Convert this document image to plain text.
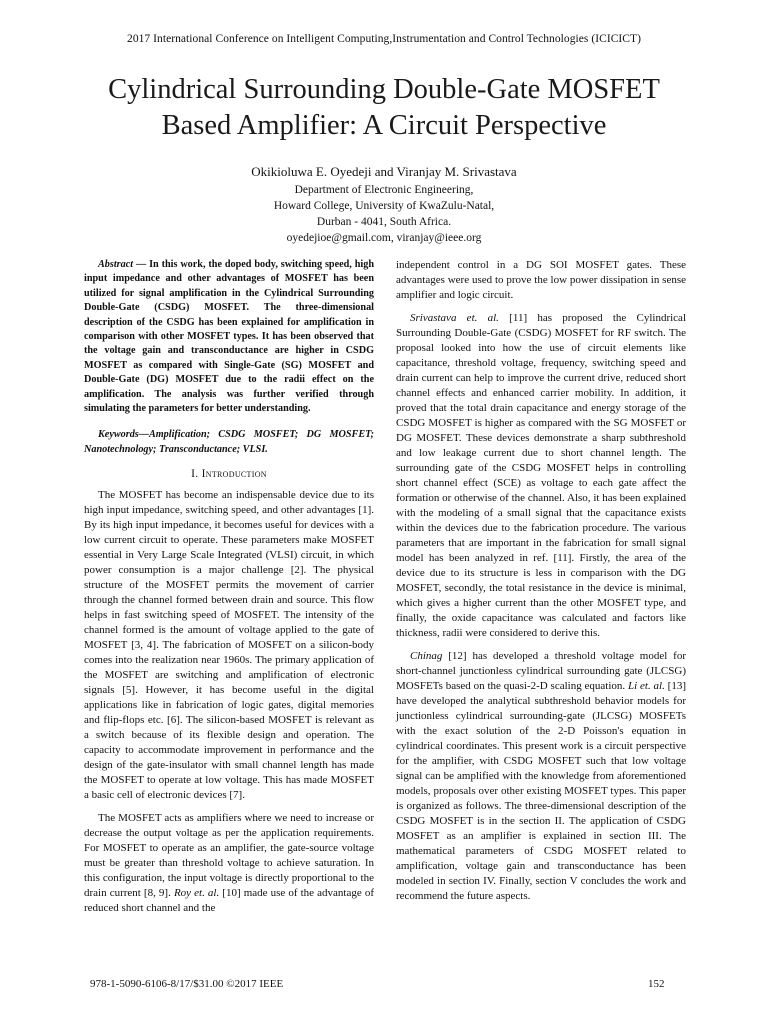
2017 International Conference on Intelligent Computing,Instrumentation and Control Technologies (ICICICT)
Cylindrical Surrounding Double-Gate MOSFET
Based Amplifier: A Circuit Perspective
Okikioluwa E. Oyedeji and Viranjay M. Srivastava
Department of Electronic Engineering,
Howard College, University of KwaZulu-Natal,
Durban - 4041, South Africa.
oyedejioe@gmail.com, viranjay@ieee.org

Abstract — In this work, the doped body, switching speed, high input impedance and other advantages of MOSFET has been utilized for signal amplification in the Cylindrical Surrounding Double-Gate (CSDG) MOSFET. The three-dimensional description of the CSDG has been explained for amplification in comparison with other MOSFET types. It has been observed that the voltage gain and transconductance are higher in CSDG MOSFET as compared with Single-Gate (SG) MOSFET and Double-Gate (DG) MOSFET due to the radii effect on the amplification. The analysis was further verified through simulating the parameters for better understanding.

Keywords—Amplification; CSDG MOSFET; DG MOSFET; Nanotechnology; Transconductance; VLSI.

I. Introduction

The MOSFET has become an indispensable device due to its high input impedance, switching speed, and other advantages [1]. By its high input impedance, it becomes useful for devices with a low current circuit to operate. These parameters make MOSFET essential in Very Large Scale Integrated (VLSI) circuit, in which power consumption is a major challenge [2]. The physical structure of the MOSFET permits the movement of carrier through the channel formed between drain and source. This flow helps in fast switching speed of MOSFET. The intensity of the channel formed is the amount of voltage applied to the gate of MOSFET [3, 4]. The fabrication of MOSFET on a silicon-body comes into the realization near 1960s. The primary application of the MOSFET are switching and amplification of electronic signals [5]. However, it has become useful in the digital applications like in fabrication of logic gates, digital memories and flip-flops etc. [6]. The silicon-based MOSFET is relevant as a switch because of its flexible design and operation. The capacity to accommodate improvement in performance and the design of the gate-insulator with small channel length has made the MOSFET to operate at low voltage. This has made MOSFET a basic cell of electronic devices [7].

The MOSFET acts as amplifiers where we need to increase or decrease the output voltage as per the application requirements. For MOSFET to operate as an amplifier, the gate-source voltage must be greater than threshold voltage to achieve saturation. In this configuration, the input voltage is directly proportional to the drain current [8, 9]. Roy et. al. [10] made use of the advantage of reduced short channel and the

independent control in a DG SOI MOSFET gates. These advantages were used to prove the low power dissipation in sense amplifier and logic circuit.

Srivastava et. al. [11] has proposed the Cylindrical Surrounding Double-Gate (CSDG) MOSFET for RF switch. The proposal looked into how the use of circuit elements like capacitance, threshold voltage, frequency, switching speed and drain current can help to improve the current drive, reduced short channel effects and enhanced carrier mobility. In addition, it proved that the total drain capacitance and energy storage of the CSDG MOSFET is higher as compared with the SG MOSFET or DG MOSFET. These devices demonstrate a sharp subthreshold and low leakage current due to short channel length. The surrounding gate of the CSDG MOSFET helps in controlling short channel effect (SCE) as voltage to each gate affect the formation or otherwise of the channel. Also, it has been explained with the modeling of a small signal that the capacitance exists within the devices due to the fabrication procedure. The various parameters that are important in the fabrication for small signal model has been analyzed in ref. [11]. Firstly, the area of the device due to its structure is less in comparison with the DG MOSFET, secondly, the total resistance in the device is minimal, which gives a higher current than the other MOSFET type, and finally, the oxide capacitance was calculated and factors like thickness, radii were considered to derive this.

Chinag [12] has developed a threshold voltage model for short-channel junctionless cylindrical surrounding gate (JLCSG) MOSFETs based on the quasi-2-D scaling equation. Li et. al. [13] have developed the analytical subthreshold behavior models for junctionless cylindrical surrounding-gate (JLCSG) MOSFETs with the exact solution of the 2-D Poisson's equation in cylindrical coordinates. This present work is a circuit perspective for the amplifier, with CSDG MOSFET such that low voltage signal can be amplified with the knowledge from aforementioned models, proposals over other existing MOSFET types. This paper is organized as follows. The three-dimensional description of the CSDG MOSFET is in the section II. The application of CSDG MOSFET as an amplifier is explained in section III. The mathematical parameters of CSDG MOSFET related to amplification, voltage gain and transconductance has been modeled in section IV. Finally, section V concludes the work and recommend the future aspects.

978-1-5090-6106-8/17/$31.00 ©2017 IEEE	152
